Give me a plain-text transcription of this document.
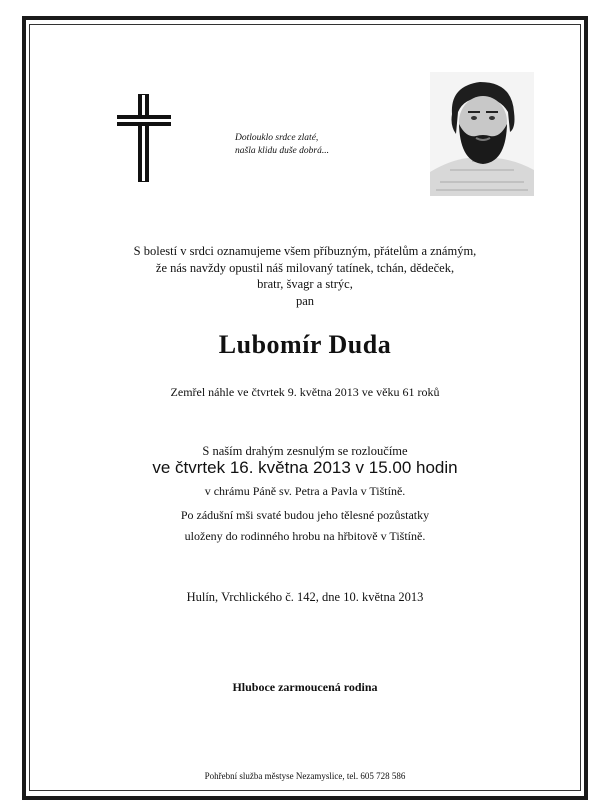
Dotlouklo srdce zlaté,
našla klidu duše dobrá...
S bolestí v srdci oznamujeme všem příbuzným, přátelům a známým,
že nás navždy opustil náš milovaný tatínek, tchán, dědeček,
bratr, švagr a strýc,
pan
Lubomír Duda
Zemřel náhle ve čtvrtek 9. května 2013 ve věku 61 roků
S naším drahým zesnulým se rozloučíme
ve čtvrtek 16. května 2013 v 15.00 hodin
v chrámu Páně sv. Petra a Pavla v Tištíně.
Po zádušní mši svaté budou jeho tělesné pozůstatky
uloženy do rodinného hrobu na hřbitově v Tištíně.
Hulín, Vrchlického č. 142, dne 10. května 2013
Hluboce zarmoucená rodina
Pohřební služba městyse Nezamyslice, tel. 605 728 586
